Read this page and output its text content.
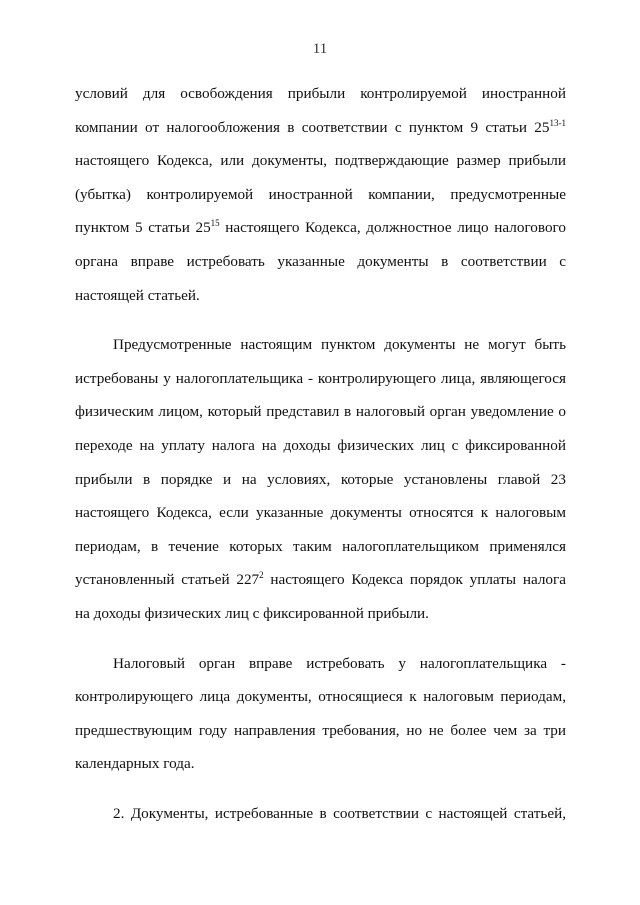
11
условий для освобождения прибыли контролируемой иностранной
компании от налогообложения в соответствии с пунктом 9 статьи 25$^{13-1}$
настоящего Кодекса, или документы, подтверждающие размер прибыли
(убытка) контролируемой иностранной компании, предусмотренные
пунктом 5 статьи $25^{15}$ настоящего Кодекса, должностное лицо налогового
органа вправе истребовать указанные документы в соответствии с
настоящей статьей.
Предусмотренные настоящим пунктом документы не могут быть
истребованы у налогоплательщика - контролирующего лица, являющегося
физическим лицом, который представил в налоговый орган уведомление о
переходе на уплату налога на доходы физических лиц с фиксированной
прибыли в порядке и на условиях, которые установлены главой 23
настоящего Кодекса, если указанные документы относятся к налоговым
периодам, в течение которых таким налогоплательщиком применялся
установленный статьей $227^2$ настоящего Кодекса порядок уплаты налога
на доходы физических лиц с фиксированной прибыли.
Налоговый орган вправе истребовать у налогоплательщика -
контролирующего лица документы, относящиеся к налоговым периодам,
предшествующим году направления требования, но не более чем за три
календарных года.
2. Документы, истребованные в соответствии с настоящей статьей,
